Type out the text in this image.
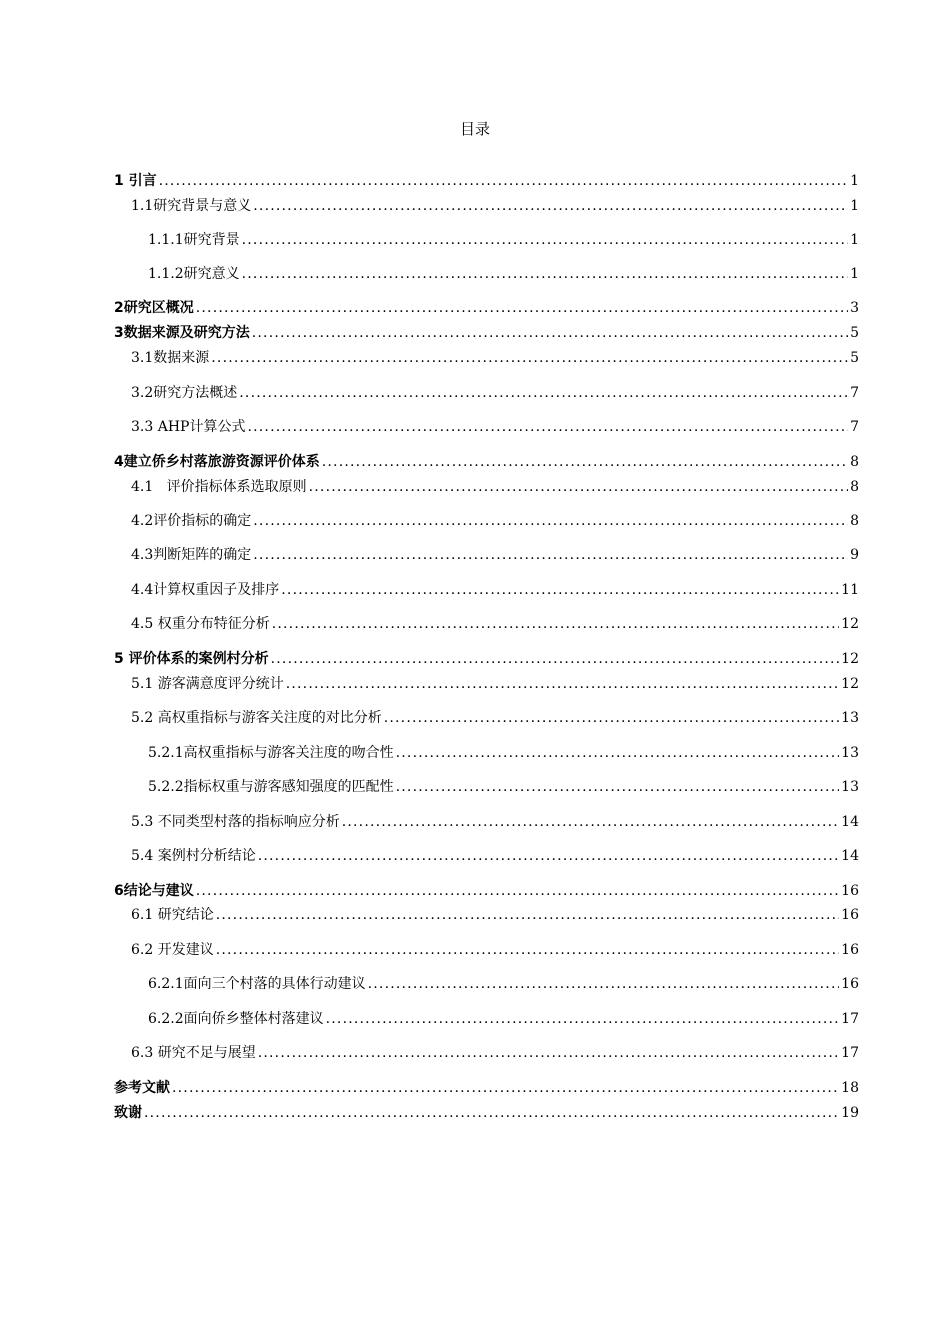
目录
1 引言 .....	1
1.1研究背景与意义 .....	1
1.1.1研究背景 .....	1
1.1.2研究意义 .....	1
2研究区概况 .....	3
3数据来源及研究方法 .....	5
3.1数据来源 .....	5
3.2研究方法概述 .....	7
3.3 AHP计算公式 .....	7
4建立侨乡村落旅游资源评价体系 .....	8
4.1   评价指标体系选取原则 .....	8
4.2评价指标的确定 .....	8
4.3判断矩阵的确定 .....	9
4.4计算权重因子及排序 .....	11
4.5 权重分布特征分析 .....	12
5 评价体系的案例村分析 .....	12
5.1 游客满意度评分统计 .....	12
5.2 高权重指标与游客关注度的对比分析 .....	13
5.2.1高权重指标与游客关注度的吻合性 .....	13
5.2.2指标权重与游客感知强度的匹配性 .....	13
5.3 不同类型村落的指标响应分析 .....	14
5.4 案例村分析结论 .....	14
6结论与建议 .....	16
6.1 研究结论 .....	16
6.2 开发建议 .....	16
6.2.1面向三个村落的具体行动建议 .....	16
6.2.2面向侨乡整体村落建议 .....	17
6.3 研究不足与展望 .....	17
参考文献 .....	18
致谢 .....	19
